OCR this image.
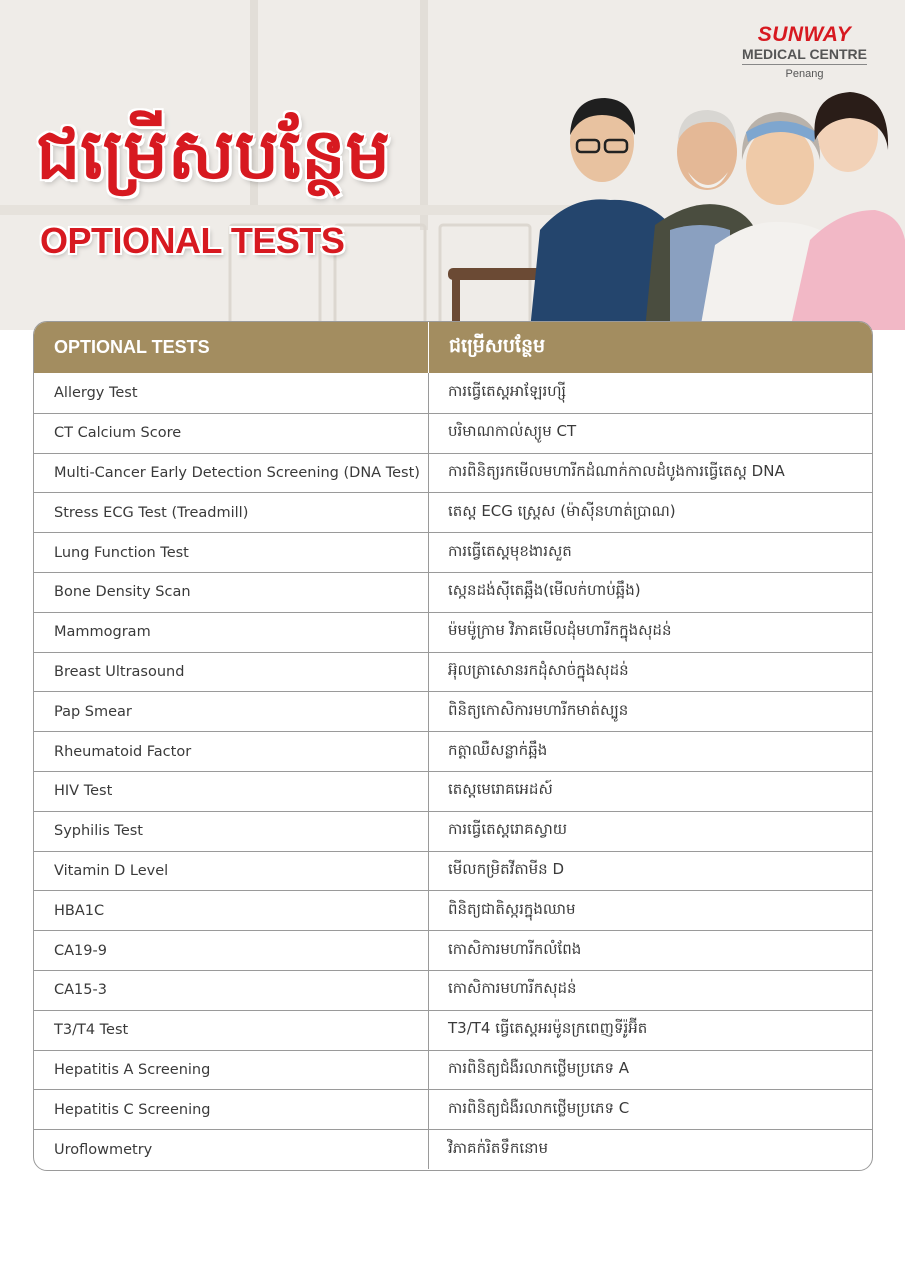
SUNWAY
MEDICAL CENTRE
Penang
ជម្រើសបន្ថែម
OPTIONAL TESTS
OPTIONAL TESTS	ជម្រើសបន្ថែម
Allergy Test	ការធ្វើតេស្តអាឡែរហ្ស៊ី
CT Calcium Score	បរិមាណកាល់ស្យូម CT
Multi-Cancer Early Detection Screening (DNA Test)	ការពិនិត្យរកមើលមហារីកដំណាក់កាលដំបូងការធ្វើតេស្ត DNA
Stress ECG Test (Treadmill)	តេស្ត ECG ស្ត្រេស (ម៉ាស៊ីនហាត់ប្រាណ)
Lung Function Test	ការធ្វើតេស្តមុខងារសួត
Bone Density Scan	ស្កេនដង់ស៊ីតេឆ្អឹង(មើលក់ហាប់ឆ្អឹង)
Mammogram	ម៉មម៉ូក្រាម វិភាគមើលដុំមហារីកក្នុងសុដន់
Breast Ultrasound	អ៊ុលត្រាសោនរកដុំសាច់ក្នុងសុដន់
Pap Smear	ពិនិត្យកោសិការមហារីកមាត់ស្បូន
Rheumatoid Factor	កត្តាឈឺសន្លាក់ឆ្អឹង
HIV Test	តេស្តមេរោគអេដស៍
Syphilis Test	ការធ្វើតេស្តរោគស្វាយ
Vitamin D Level	មើលកម្រិតវីតាមីន D
HBA1C	ពិនិត្យជាតិស្ករក្នុងឈាម
CA19-9	កោសិការមហារីកលំពែង
CA15-3	កោសិការមហារីកសុដន់
T3/T4 Test	T3/T4 ធ្វើតេស្តអរម៉ូនក្រពេញទីរ៉ូអ៊ីត
Hepatitis A Screening	ការពិនិត្យជំងឺរលាកថ្លើមប្រភេទ A
Hepatitis C Screening	ការពិនិត្យជំងឺរលាកថ្លើមប្រភេទ C
Uroflowmetry	វិភាគក់រិតទឹកនោម
